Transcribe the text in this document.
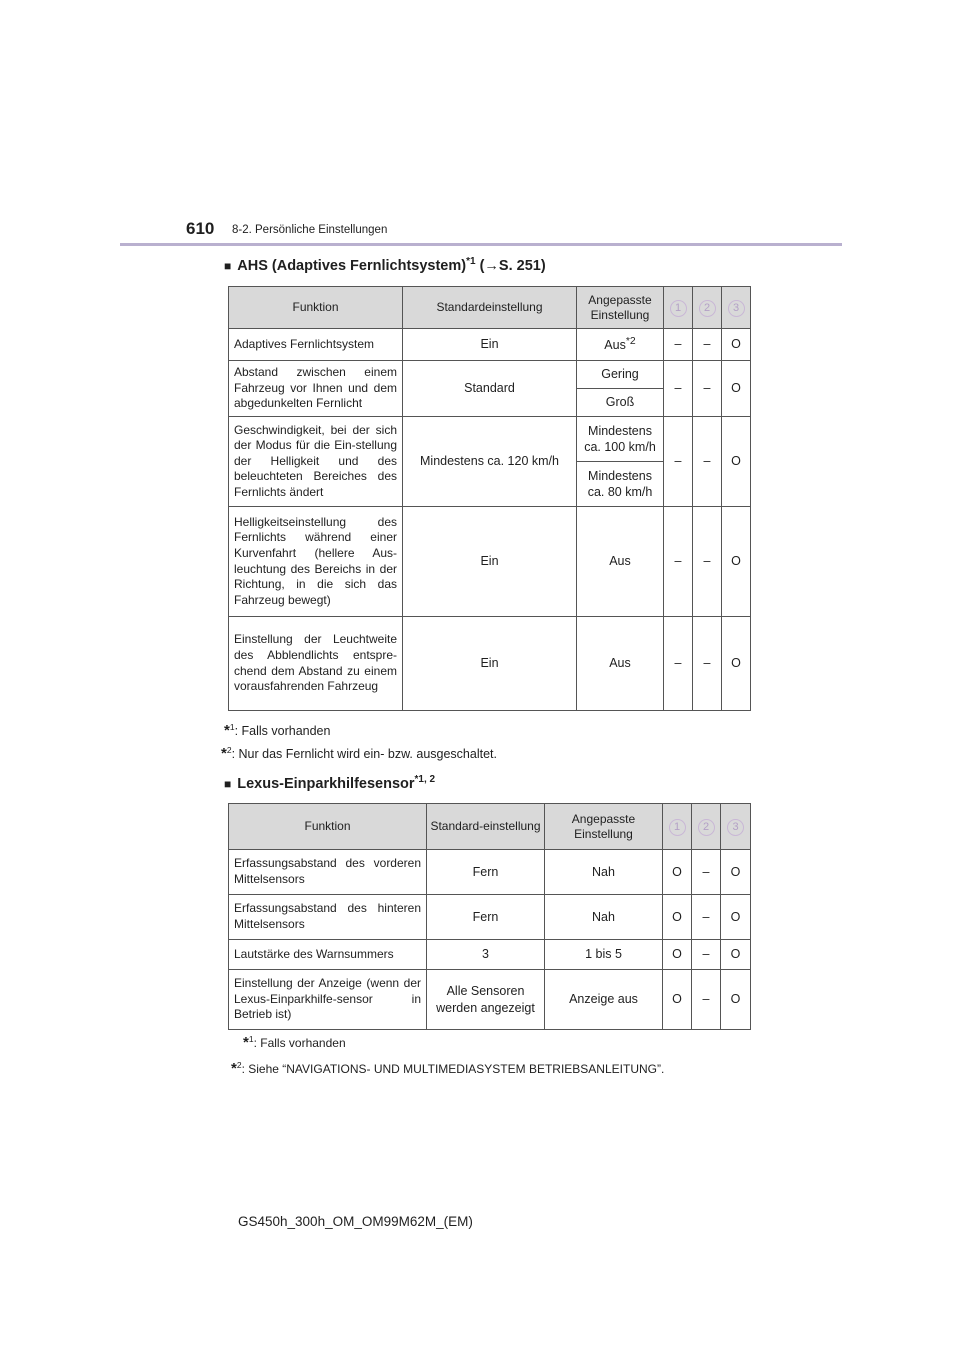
610 8-2. Persönliche Einstellungen
■ AHS (Adaptives Fernlichtsystem)$^{*1}$ (→S. 251)
Funktion	Standardeinstellung	Angepasste Einstellung	1	2	3
Adaptives Fernlichtsystem	Ein	Aus$^{*2}$	–	–	O
Abstand zwischen einem Fahrzeug vor Ihnen und dem abgedunkelten Fernlicht	Standard	Gering	–	–	O
		Groß			
Geschwindigkeit, bei der sich der Modus für die Ein-stellung der Helligkeit und des beleuchteten Bereiches des Fernlichts ändert	Mindestens ca. 120 km/h	Mindestens ca. 100 km/h	–	–	O
		Mindestens ca. 80 km/h			
Helligkeitseinstellung des Fernlichts während einer Kurvenfahrt (hellere Aus-leuchtung des Bereichs in der Richtung, in die sich das Fahrzeug bewegt)	Ein	Aus	–	–	O
Einstellung der Leuchtweite des Abblendlichts entspre-chend dem Abstand zu einem vorausfahrenden Fahrzeug	Ein	Aus	–	–	O
*$^1$: Falls vorhanden
*$^2$: Nur das Fernlicht wird ein- bzw. ausgeschaltet.
■ Lexus-Einparkhilfesensor$^{*1, 2}$
Funktion	Standard-einstellung	Angepasste Einstellung	1	2	3
Erfassungsabstand des vorderen Mittelsensors	Fern	Nah	O	–	O
Erfassungsabstand des hinteren Mittelsensors	Fern	Nah	O	–	O
Lautstärke des Warnsummers	3	1 bis 5	O	–	O
Einstellung der Anzeige (wenn der Lexus-Einparkhilfe-sensor in Betrieb ist)	Alle Sensoren werden angezeigt	Anzeige aus	O	–	O
*$^1$: Falls vorhanden
*$^2$: Siehe “NAVIGATIONS- UND MULTIMEDIASYSTEM BETRIEBSANLEITUNG”.
GS450h_300h_OM_OM99M62M_(EM)
